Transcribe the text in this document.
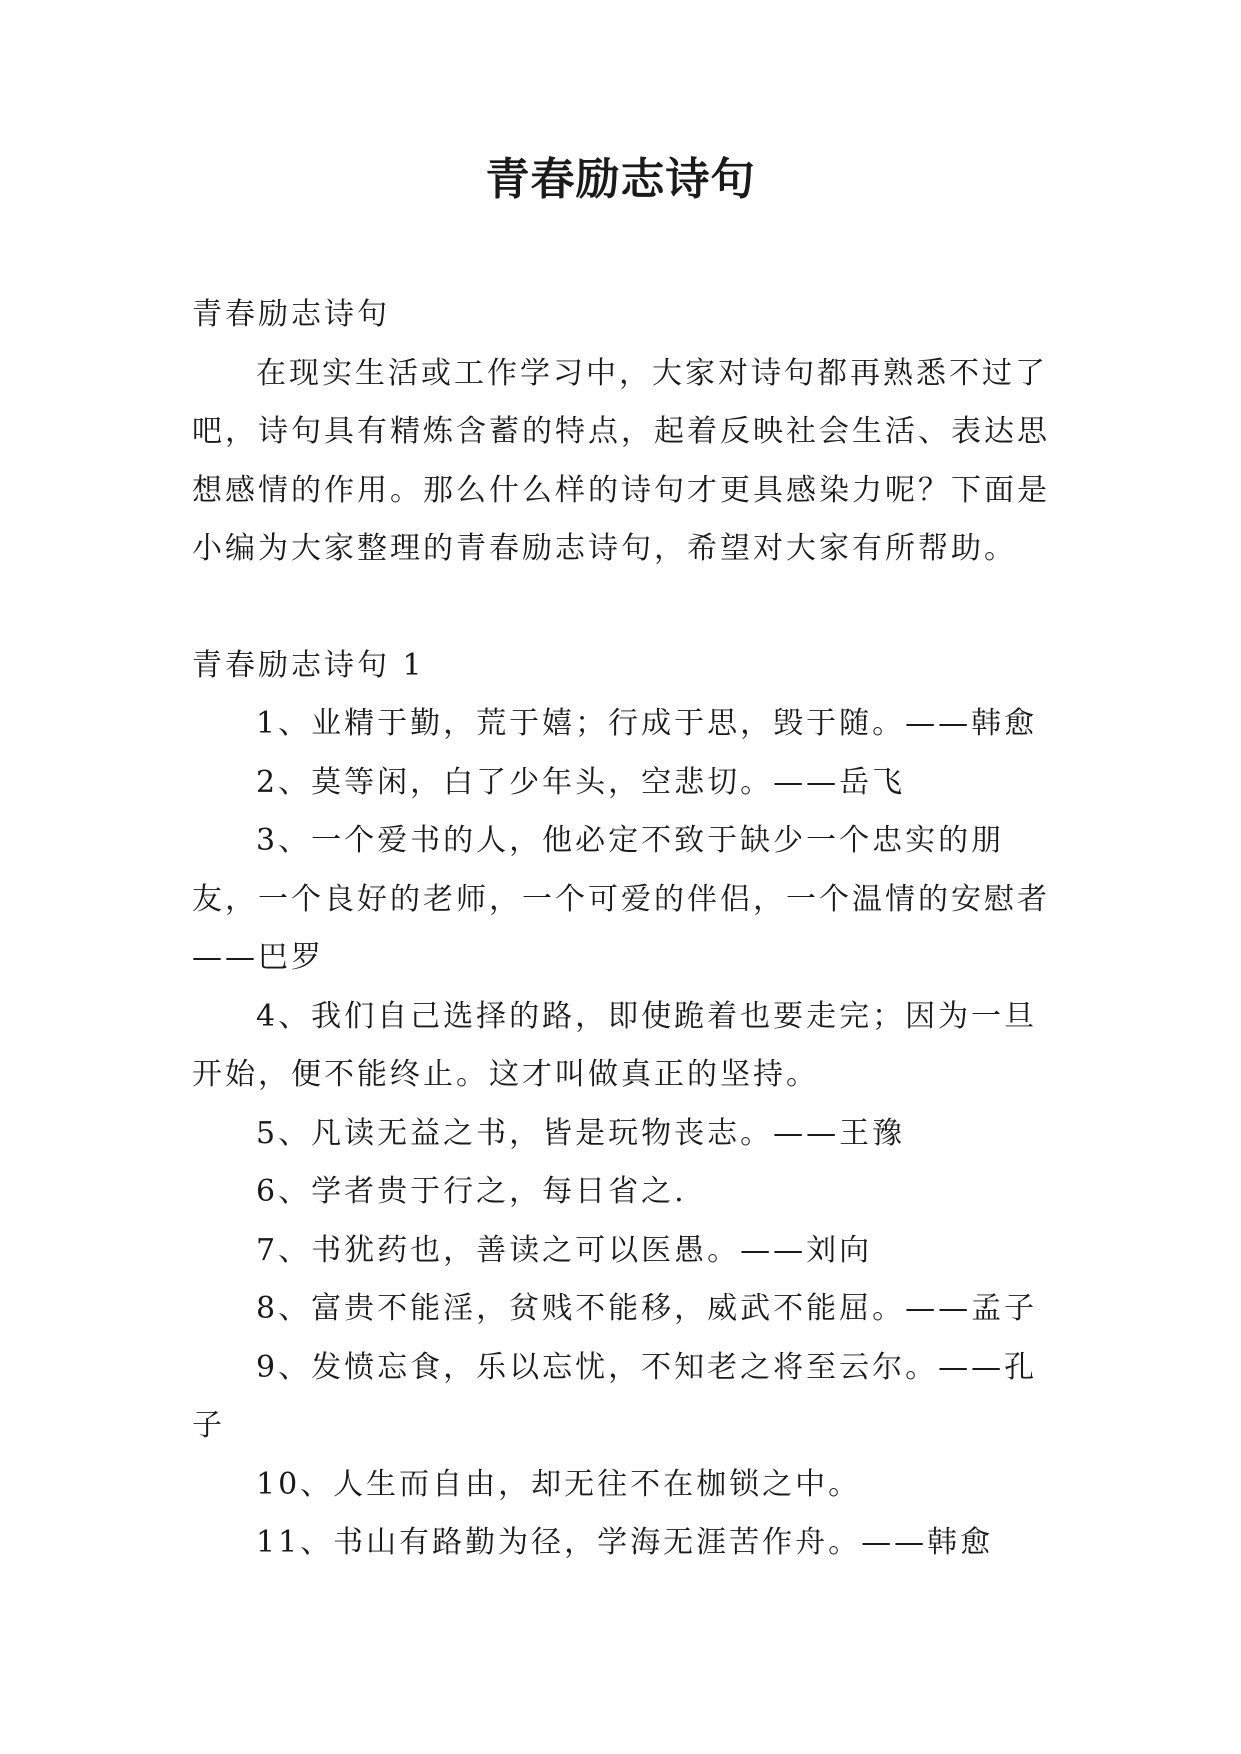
青春励志诗句

青春励志诗句

在现实生活或工作学习中，大家对诗句都再熟悉不过了吧，诗句具有精炼含蓄的特点，起着反映社会生活、表达思想感情的作用。那么什么样的诗句才更具感染力呢？下面是小编为大家整理的青春励志诗句，希望对大家有所帮助。

青春励志诗句 1

1、业精于勤，荒于嬉；行成于思，毁于随。——韩愈

2、莫等闲，白了少年头，空悲切。——岳飞

3、一个爱书的人，他必定不致于缺少一个忠实的朋友，一个良好的老师，一个可爱的伴侣，一个温情的安慰者——巴罗

4、我们自己选择的路，即使跪着也要走完；因为一旦开始，便不能终止。这才叫做真正的坚持。

5、凡读无益之书，皆是玩物丧志。——王豫

6、学者贵于行之，每日省之.

7、书犹药也，善读之可以医愚。——刘向

8、富贵不能淫，贫贱不能移，威武不能屈。——孟子

9、发愤忘食，乐以忘忧，不知老之将至云尔。——孔子

10、人生而自由，却无往不在枷锁之中。

11、书山有路勤为径，学海无涯苦作舟。——韩愈
